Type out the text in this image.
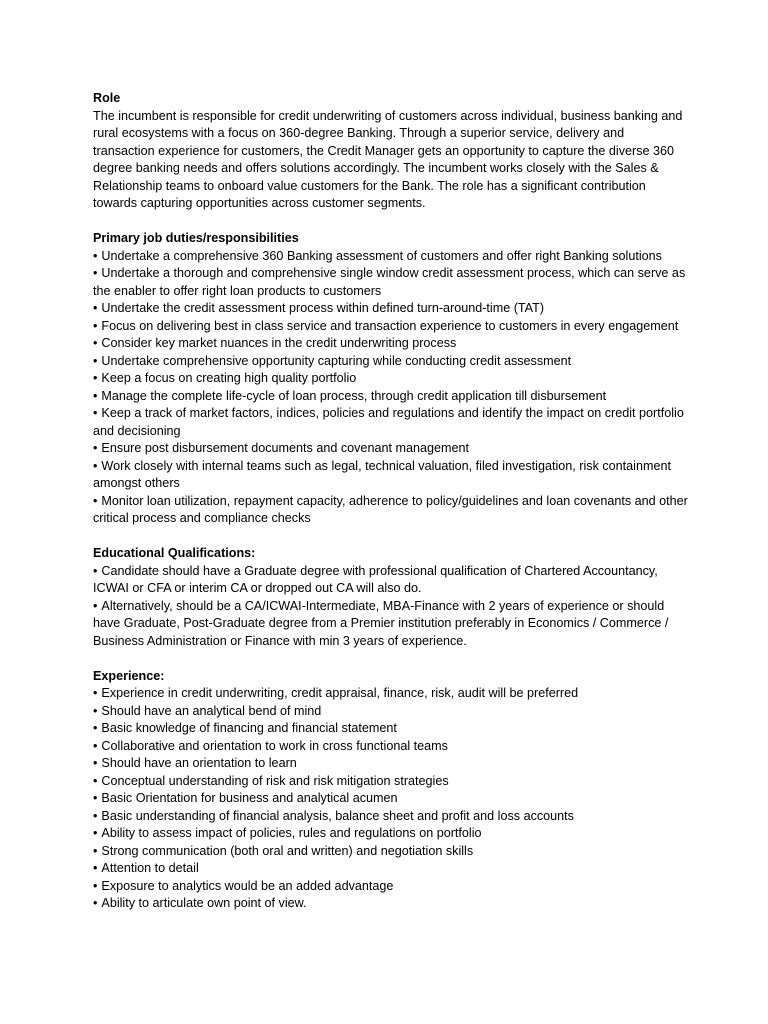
Role

The incumbent is responsible for credit underwriting of customers across individual, business banking and rural ecosystems with a focus on 360-degree Banking. Through a superior service, delivery and transaction experience for customers, the Credit Manager gets an opportunity to capture the diverse 360 degree banking needs and offers solutions accordingly. The incumbent works closely with the Sales & Relationship teams to onboard value customers for the Bank. The role has a significant contribution towards capturing opportunities across customer segments.

Primary job duties/responsibilities

• Undertake a comprehensive 360 Banking assessment of customers and offer right Banking solutions
• Undertake a thorough and comprehensive single window credit assessment process, which can serve as the enabler to offer right loan products to customers
• Undertake the credit assessment process within defined turn-around-time (TAT)
• Focus on delivering best in class service and transaction experience to customers in every engagement
• Consider key market nuances in the credit underwriting process
• Undertake comprehensive opportunity capturing while conducting credit assessment
• Keep a focus on creating high quality portfolio
• Manage the complete life-cycle of loan process, through credit application till disbursement
• Keep a track of market factors, indices, policies and regulations and identify the impact on credit portfolio and decisioning
• Ensure post disbursement documents and covenant management
• Work closely with internal teams such as legal, technical valuation, filed investigation, risk containment amongst others
• Monitor loan utilization, repayment capacity, adherence to policy/guidelines and loan covenants and other critical process and compliance checks

Educational Qualifications:

• Candidate should have a Graduate degree with professional qualification of Chartered Accountancy, ICWAI or CFA or interim CA or dropped out CA will also do.
• Alternatively, should be a CA/ICWAI-Intermediate, MBA-Finance with 2 years of experience or should have Graduate, Post-Graduate degree from a Premier institution preferably in Economics / Commerce / Business Administration or Finance with min 3 years of experience.

Experience:

• Experience in credit underwriting, credit appraisal, finance, risk, audit will be preferred
• Should have an analytical bend of mind
• Basic knowledge of financing and financial statement
• Collaborative and orientation to work in cross functional teams
• Should have an orientation to learn
• Conceptual understanding of risk and risk mitigation strategies
• Basic Orientation for business and analytical acumen
• Basic understanding of financial analysis, balance sheet and profit and loss accounts
• Ability to assess impact of policies, rules and regulations on portfolio
• Strong communication (both oral and written) and negotiation skills
• Attention to detail
• Exposure to analytics would be an added advantage
• Ability to articulate own point of view.
